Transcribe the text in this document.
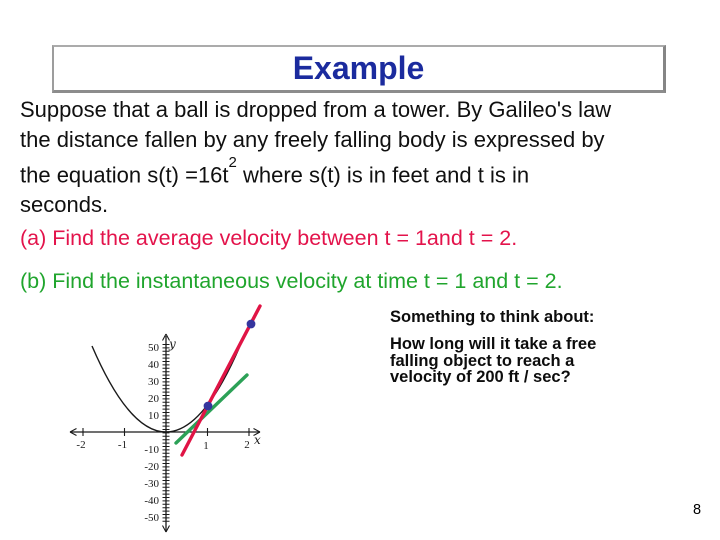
Example
Suppose that a ball is dropped from a tower. By Galileo's law
the distance fallen by any freely falling body is expressed by
the equation $s(t) =16t^2$ where s(t) is in feet and t is in
seconds.
(a) Find the average velocity between t = 1and t = 2.
(b) Find the instantaneous velocity at time t = 1 and t = 2.
Something to think about:
How long will it take a free
falling object to reach a
velocity of 200 ft / sec?
50
40
30
20
10
-10
-20
-30
-40
-50
-2	-1	1	2 x
y
8
